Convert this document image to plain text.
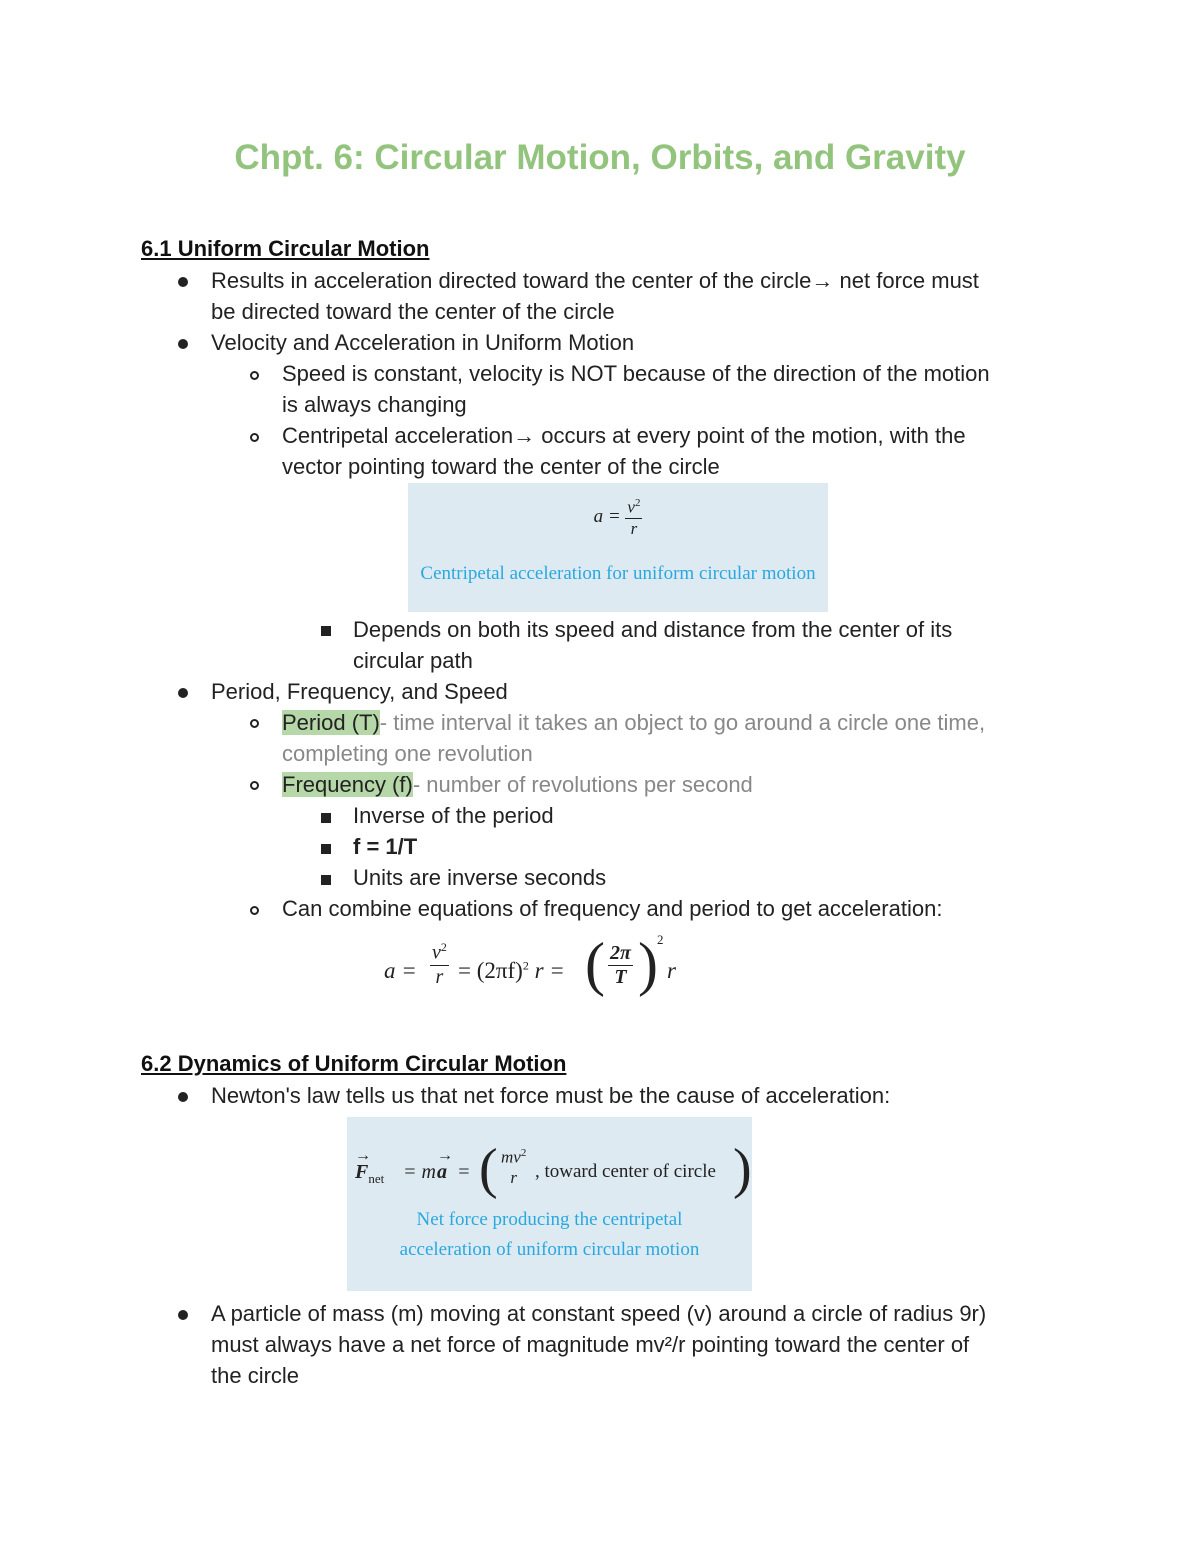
Chpt. 6: Circular Motion, Orbits, and Gravity
6.1 Uniform Circular Motion

Results in acceleration directed toward the center of the circle→ net force must

be directed toward the center of the circle

Velocity and Acceleration in Uniform Motion

Speed is constant, velocity is NOT because of the direction of the motion

is always changing

Centripetal acceleration→ occurs at every point of the motion, with the

vector pointing toward the center of the circle

$a = \frac{v^2}{r}$
Centripetal acceleration for uniform circular motion

Depends on both its speed and distance from the center of its

circular path

Period, Frequency, and Speed

Period (T)- time interval it takes an object to go around a circle one time,

completing one revolution

Frequency (f)- number of revolutions per second

Inverse of the period

f = 1/T

Units are inverse seconds

Can combine equations of frequency and period to get acceleration:

$a = \frac{v^2}{r} = (2\pi f)^2$ r = ( $\frac{2\pi}{T}$ ) 2
r
6.2 Dynamics of Uniform Circular Motion

Newton's law tells us that net force must be the cause of acceleration:

→
$F_{net} = m$
→
a = ( $mv^2$
r , toward center of circle )
Net force producing the centripetal
acceleration of uniform circular motion

A particle of mass (m) moving at constant speed (v) around a circle of radius 9r)

must always have a net force of magnitude mv²/r pointing toward the center of

the circle
